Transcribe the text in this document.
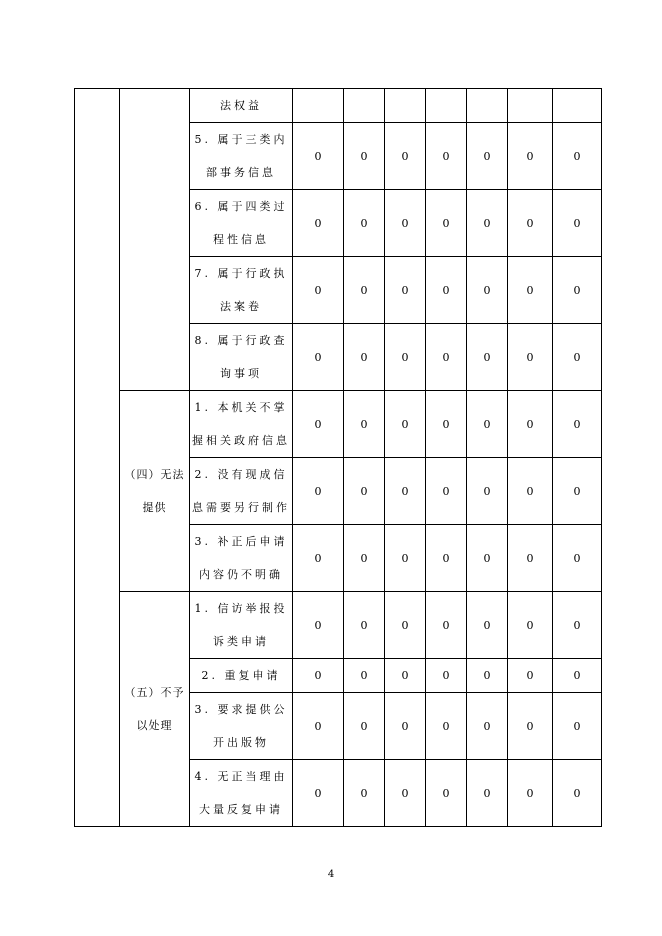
		法权益							
		5. 属于三类内部事务信息	0	0	0	0	0	0	0
		6. 属于四类过程性信息	0	0	0	0	0	0	0
		7. 属于行政执法案卷	0	0	0	0	0	0	0
		8. 属于行政查询事项	0	0	0	0	0	0	0
	（四）无法提供	1. 本机关不掌握相关政府信息	0	0	0	0	0	0	0
		2. 没有现成信息需要另行制作	0	0	0	0	0	0	0
		3. 补正后申请内容仍不明确	0	0	0	0	0	0	0
	（五）不予以处理	1. 信访举报投诉类申请	0	0	0	0	0	0	0
		2. 重复申请	0	0	0	0	0	0	0
		3. 要求提供公开出版物	0	0	0	0	0	0	0
		4. 无正当理由大量反复申请	0	0	0	0	0	0	0
4
